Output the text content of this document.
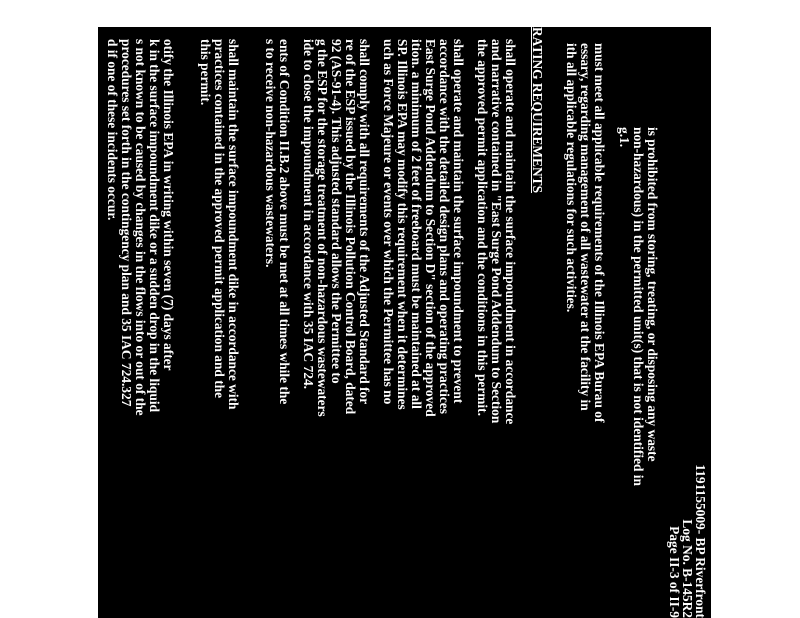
1191155009- BP Riverfront
Log No. B-145R2
Page II-3 of II-9
is prohibited from storing, treating, or disposing any waste
non-hazardous) in the permitted unit(s) that is not identified in
g.1.
must meet all applicable requirements of the Illinois EPA Burau of
essary, regarding management of all wastewater at the facility in
ith all applicable regulations for such activities.
RATING REQUIREMENTS
shall operate and maintain the surface impoundment in accordance
and narrative contained in "East Surge Pond Addendum to Section
the approved permit application and the conditions in this permit.
shall operate and maintain the surface impoundment to prevent
accordance with the detailed design plans and operating practices
East Surge Pond Addendum to Section D" section of the approved
ition. a minimum of 2 feet of freeboard must be maintained at all
SP. Illinois EPA may modify this requirement when it determines
uch as Force Majeure or events over which the Permittee has no
shall comply with all requirements of the Adjusted Standard for
re of the ESP issued by the Illinois Pollution Control Board, dated
92 (AS-91-4). This adjusted standard allows the Permittee to
g the ESP for the storage treatment of non-hazardous wastewaters
ide to close the impoundment in accordance with 35 IAC 724.
ents of Condition II.B.2 above must be met at all times while the
s to receive non-hazardous wastewaters.
shall maintain the surface impoundment dike in accordance with
practices contained in the approved permit application and the
this permit.
otify the Illinois EPA in writing within seven (7) days after
k in the surface impoundment dike or a sudden drop in the liquid
s not known to be caused by changes in the flows into or out of the
procedures set forth in the contingency plan and 35 IAC 724.327
d if one of these incidents occur.
